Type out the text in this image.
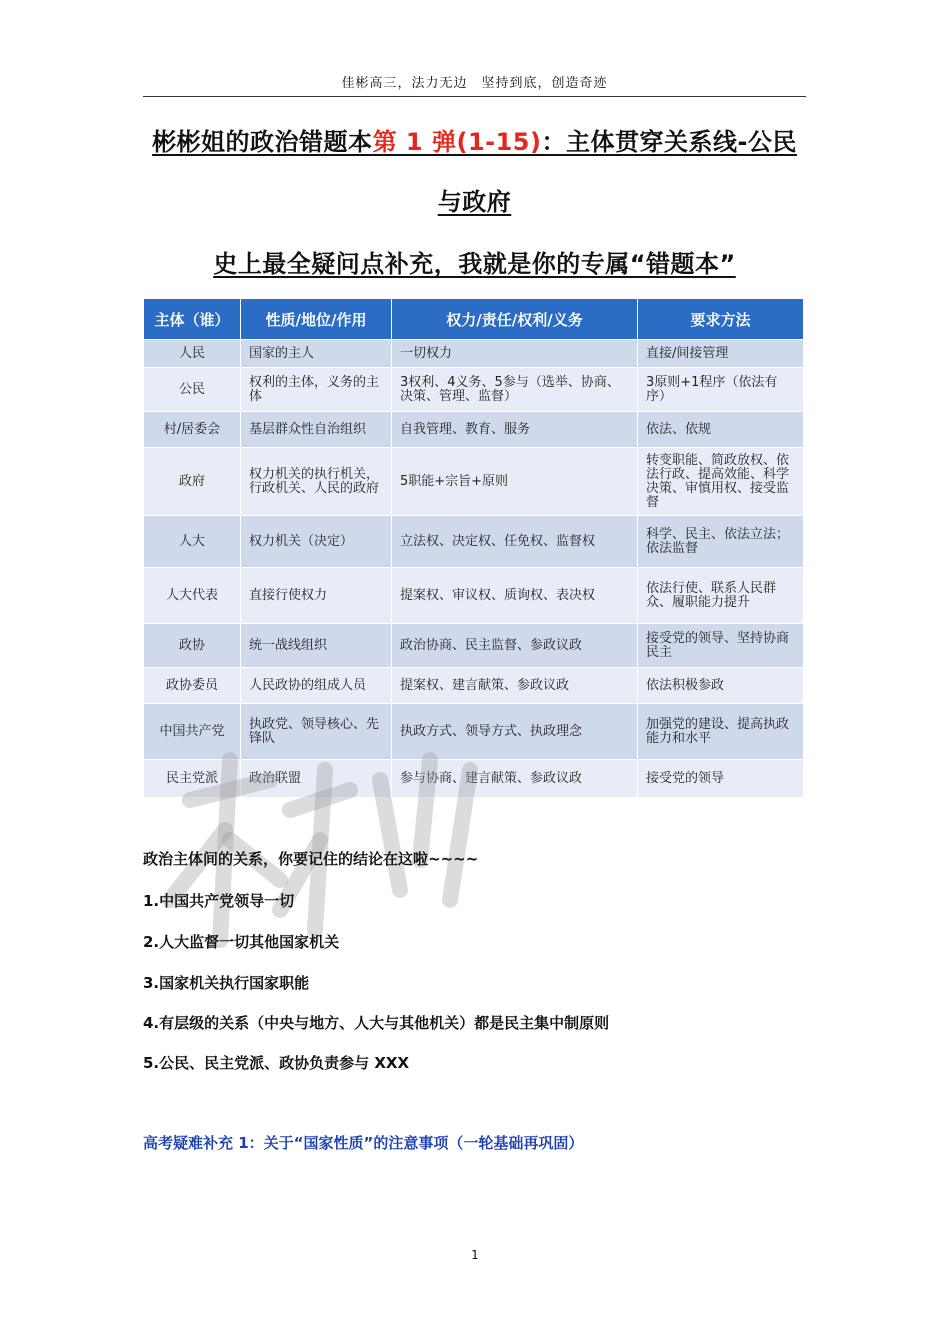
佳彬高三，法力无边　坚持到底，创造奇迹
彬彬姐的政治错题本第 1 弹(1-15)：主体贯穿关系线-公民
与政府
史上最全疑问点补充，我就是你的专属“错题本”
主体（谁）	性质/地位/作用	权力/责任/权利/义务	要求方法
人民	国家的主人	一切权力	直接/间接管理
公民	权利的主体，义务的主体	3权利、4义务、5参与（选举、协商、决策、管理、监督）	3原则+1程序（依法有序）
村/居委会	基层群众性自治组织	自我管理、教育、服务	依法、依规
政府	权力机关的执行机关，行政机关、人民的政府	5职能+宗旨+原则	转变职能、简政放权、依法行政、提高效能、科学决策、审慎用权、接受监督
人大	权力机关（决定）	立法权、决定权、任免权、监督权	科学、民主、依法立法；依法监督
人大代表	直接行使权力	提案权、审议权、质询权、表决权	依法行使、联系人民群众、履职能力提升
政协	统一战线组织	政治协商、民主监督、参政议政	接受党的领导、坚持协商民主
政协委员	人民政协的组成人员	提案权、建言献策、参政议政	依法积极参政
中国共产党	执政党、领导核心、先锋队	执政方式、领导方式、执政理念	加强党的建设、提高执政能力和水平
民主党派	政治联盟	参与协商、建言献策、参政议政	接受党的领导
政治主体间的关系，你要记住的结论在这啦~~~~
1.中国共产党领导一切
2.人大监督一切其他国家机关
3.国家机关执行国家职能
4.有层级的关系（中央与地方、人大与其他机关）都是民主集中制原则
5.公民、民主党派、政协负责参与 XXX
高考疑难补充 1：关于“国家性质”的注意事项（一轮基础再巩固）
1
